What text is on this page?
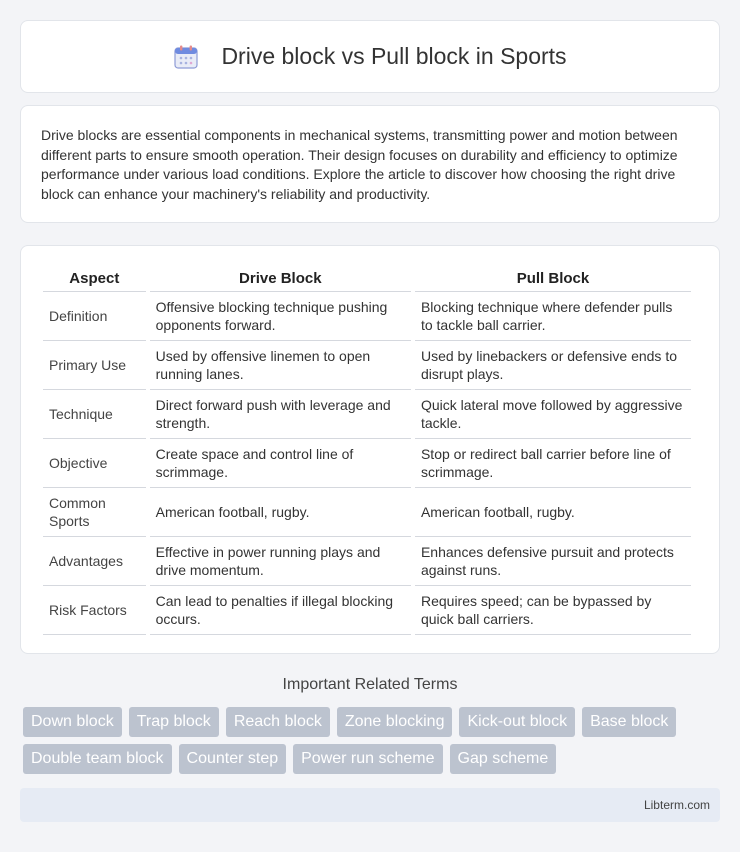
Drive block vs Pull block in Sports

Drive blocks are essential components in mechanical systems, transmitting power and motion between different parts to ensure smooth operation. Their design focuses on durability and efficiency to optimize performance under various load conditions. Explore the article to discover how choosing the right drive block can enhance your machinery's reliability and productivity.

Aspect	Drive Block	Pull Block
Definition	Offensive blocking technique pushing opponents forward.	Blocking technique where defender pulls to tackle ball carrier.
Primary Use	Used by offensive linemen to open running lanes.	Used by linebackers or defensive ends to disrupt plays.
Technique	Direct forward push with leverage and strength.	Quick lateral move followed by aggressive tackle.
Objective	Create space and control line of scrimmage.	Stop or redirect ball carrier before line of scrimmage.
Common Sports	American football, rugby.	American football, rugby.
Advantages	Effective in power running plays and drive momentum.	Enhances defensive pursuit and protects against runs.
Risk Factors	Can lead to penalties if illegal blocking occurs.	Requires speed; can be bypassed by quick ball carriers.
Important Related Terms
Down block	Trap block	Reach block	Zone blocking	Kick-out block	Base block
Double team block	Counter step	Power run scheme	Gap scheme
Libterm.com
